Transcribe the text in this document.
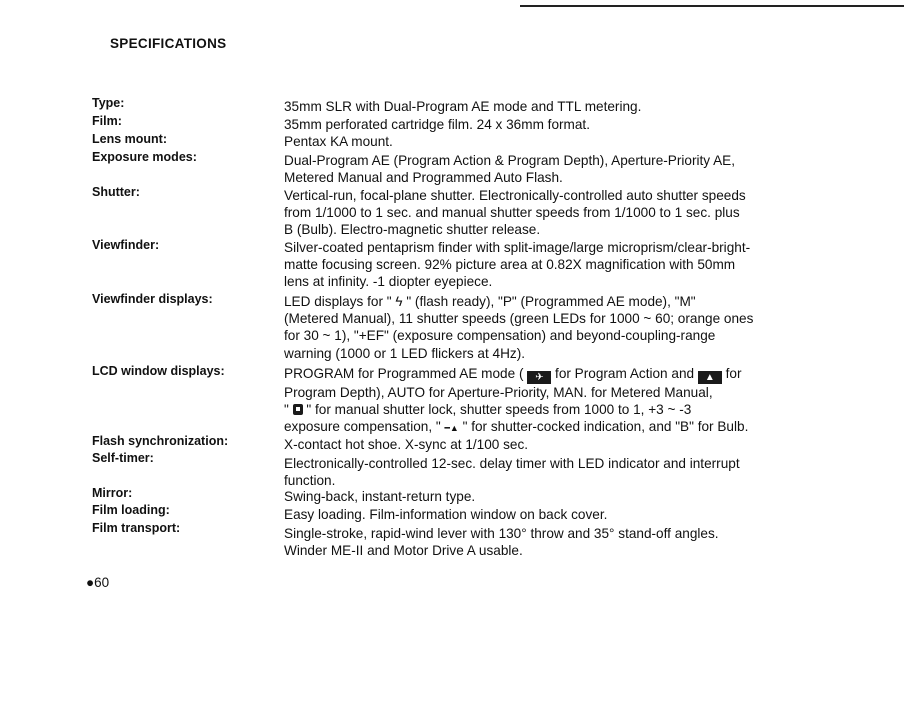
SPECIFICATIONS
Type:	35mm SLR with Dual-Program AE mode and TTL metering.
Film:	35mm perforated cartridge film. 24 x 36mm format.
Lens mount:	Pentax KA mount.
Exposure modes:	Dual-Program AE (Program Action & Program Depth), Aperture-Priority AE,
Metered Manual and Programmed Auto Flash.
Shutter:	Vertical-run, focal-plane shutter. Electronically-controlled auto shutter speeds
from 1/1000 to 1 sec. and manual shutter speeds from 1/1000 to 1 sec. plus
B (Bulb). Electro-magnetic shutter release.
Viewfinder:	Silver-coated pentaprism finder with split-image/large microprism/clear-bright-
matte focusing screen. 92% picture area at 0.82X magnification with 50mm
lens at infinity. -1 diopter eyepiece.
Viewfinder displays:	LED displays for " ϟ " (flash ready), "P" (Programmed AE mode), "M"
(Metered Manual), 11 shutter speeds (green LEDs for 1000 ~ 60; orange ones
for 30 ~ 1), "+EF" (exposure compensation) and beyond-coupling-range
warning (1000 or 1 LED flickers at 4Hz).
LCD window displays:	PROGRAM for Programmed AE mode ( ✈ for Program Action and ▲ for
Program Depth), AUTO for Aperture-Priority, MAN. for Metered Manual,
" " for manual shutter lock, shutter speeds from 1000 to 1, +3 ~ -3
exposure compensation, " ━▲ " for shutter-cocked indication, and "B" for Bulb.
Flash synchronization:	X-contact hot shoe. X-sync at 1/100 sec.
Self-timer:	Electronically-controlled 12-sec. delay timer with LED indicator and interrupt
function.
Mirror:	Swing-back, instant-return type.
Film loading:	Easy loading. Film-information window on back cover.
Film transport:	Single-stroke, rapid-wind lever with 130° throw and 35° stand-off angles.
Winder ME-II and Motor Drive A usable.
●60
